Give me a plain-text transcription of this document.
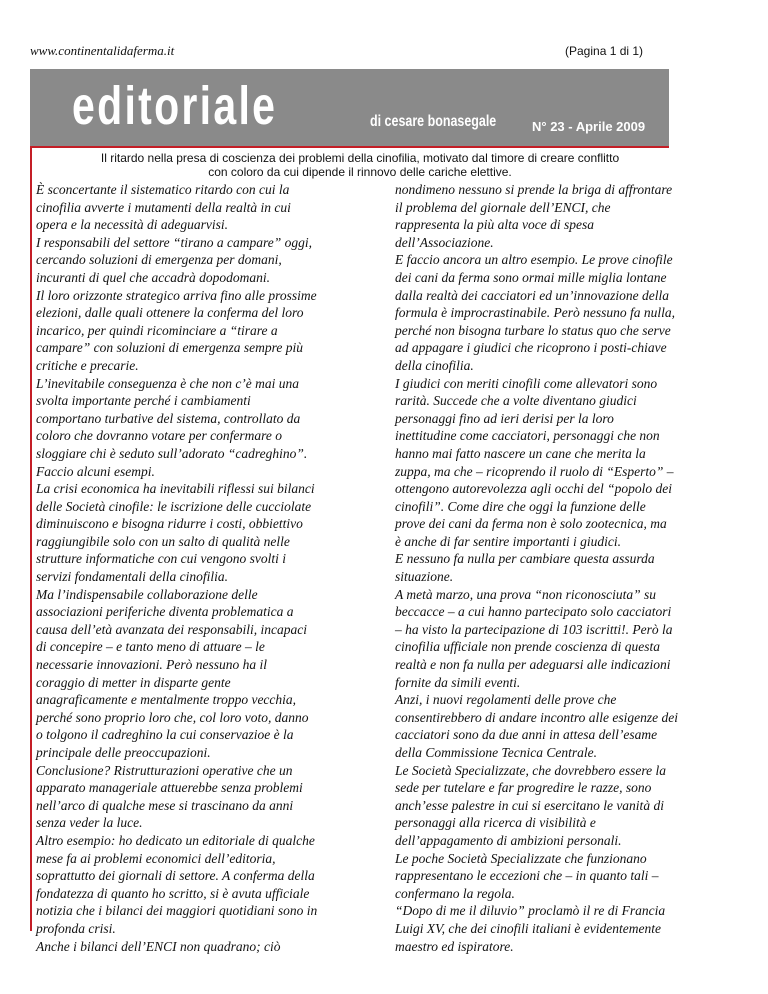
www.continentalidaferma.it	(Pagina 1 di 1)
editoriale	di cesare bonasegale	N° 23 - Aprile 2009
Il ritardo nella presa di coscienza dei problemi della cinofilia, motivato dal timore di creare conflitto
con coloro da cui dipende il rinnovo delle cariche elettive.
È sconcertante il sistematico ritardo con cui la
cinofilia avverte i mutamenti della realtà in cui
opera e la necessità di adeguarvisi.
I responsabili del settore “tirano a campare” oggi,
cercando soluzioni di emergenza per domani,
incuranti di quel che accadrà dopodomani.
Il loro orizzonte strategico arriva fino alle prossime
elezioni, dalle quali ottenere la conferma del loro
incarico, per quindi ricominciare a “tirare a
campare” con soluzioni di emergenza sempre più
critiche e precarie.
L’inevitabile conseguenza è che non c’è mai una
svolta importante perché i cambiamenti
comportano turbative del sistema, controllato da
coloro che dovranno votare per confermare o
sloggiare chi è seduto sull’adorato “cadreghino”.
Faccio alcuni esempi.
La crisi economica ha inevitabili riflessi sui bilanci
delle Società cinofile: le iscrizione delle cucciolate
diminuiscono e bisogna ridurre i costi, obbiettivo
raggiungibile solo con un salto di qualità nelle
strutture informatiche con cui vengono svolti i
servizi fondamentali della cinofilia.
Ma l’indispensabile collaborazione delle
associazioni periferiche diventa problematica a
causa dell’età avanzata dei responsabili, incapaci
di concepire – e tanto meno di attuare – le
necessarie innovazioni. Però nessuno ha il
coraggio di metter in disparte gente
anagraficamente e mentalmente troppo vecchia,
perché sono proprio loro che, col loro voto, danno
o tolgono il cadreghino la cui conservazioe è la
principale delle preoccupazioni.
Conclusione? Ristrutturazioni operative che un
apparato manageriale attuerebbe senza problemi
nell’arco di qualche mese si trascinano da anni
senza veder la luce.
Altro esempio: ho dedicato un editoriale di qualche
mese fa ai problemi economici dell’editoria,
soprattutto dei giornali di settore. A conferma della
fondatezza di quanto ho scritto, si è avuta ufficiale
notizia che i bilanci dei maggiori quotidiani sono in
profonda crisi.
Anche i bilanci dell’ENCI non quadrano; ciò
nondimeno nessuno si prende la briga di affrontare
il problema del giornale dell’ENCI, che
rappresenta la più alta voce di spesa
dell’Associazione.
E faccio ancora un altro esempio. Le prove cinofile
dei cani da ferma sono ormai mille miglia lontane
dalla realtà dei cacciatori ed un’innovazione della
formula è improcrastinabile. Però nessuno fa nulla,
perché non bisogna turbare lo status quo che serve
ad appagare i giudici che ricoprono i posti-chiave
della cinofilia.
I giudici con meriti cinofili come allevatori sono
rarità. Succede che a volte diventano giudici
personaggi fino ad ieri derisi per la loro
inettitudine come cacciatori, personaggi che non
hanno mai fatto nascere un cane che merita la
zuppa, ma che – ricoprendo il ruolo di “Esperto” –
ottengono autorevolezza agli occhi del “popolo dei
cinofili”. Come dire che oggi la funzione delle
prove dei cani da ferma non è solo zootecnica, ma
è anche di far sentire importanti i giudici.
E nessuno fa nulla per cambiare questa assurda
situazione.
A metà marzo, una prova “non riconosciuta” su
beccacce – a cui hanno partecipato solo cacciatori
– ha visto la partecipazione di 103 iscritti!. Però la
cinofilia ufficiale non prende coscienza di questa
realtà e non fa nulla per adeguarsi alle indicazioni
fornite da simili eventi.
Anzi, i nuovi regolamenti delle prove che
consentirebbero di andare incontro alle esigenze dei
cacciatori sono da due anni in attesa dell’esame
della Commissione Tecnica Centrale.
Le Società Specializzate, che dovrebbero essere la
sede per tutelare e far progredire le razze, sono
anch’esse palestre in cui si esercitano le vanità di
personaggi alla ricerca di visibilità e
dell’appagamento di ambizioni personali.
Le poche Società Specializzate che funzionano
rappresentano le eccezioni che – in quanto tali –
confermano la regola.
“Dopo di me il diluvio” proclamò il re di Francia
Luigi XV, che dei cinofili italiani è evidentemente
maestro ed ispiratore.
